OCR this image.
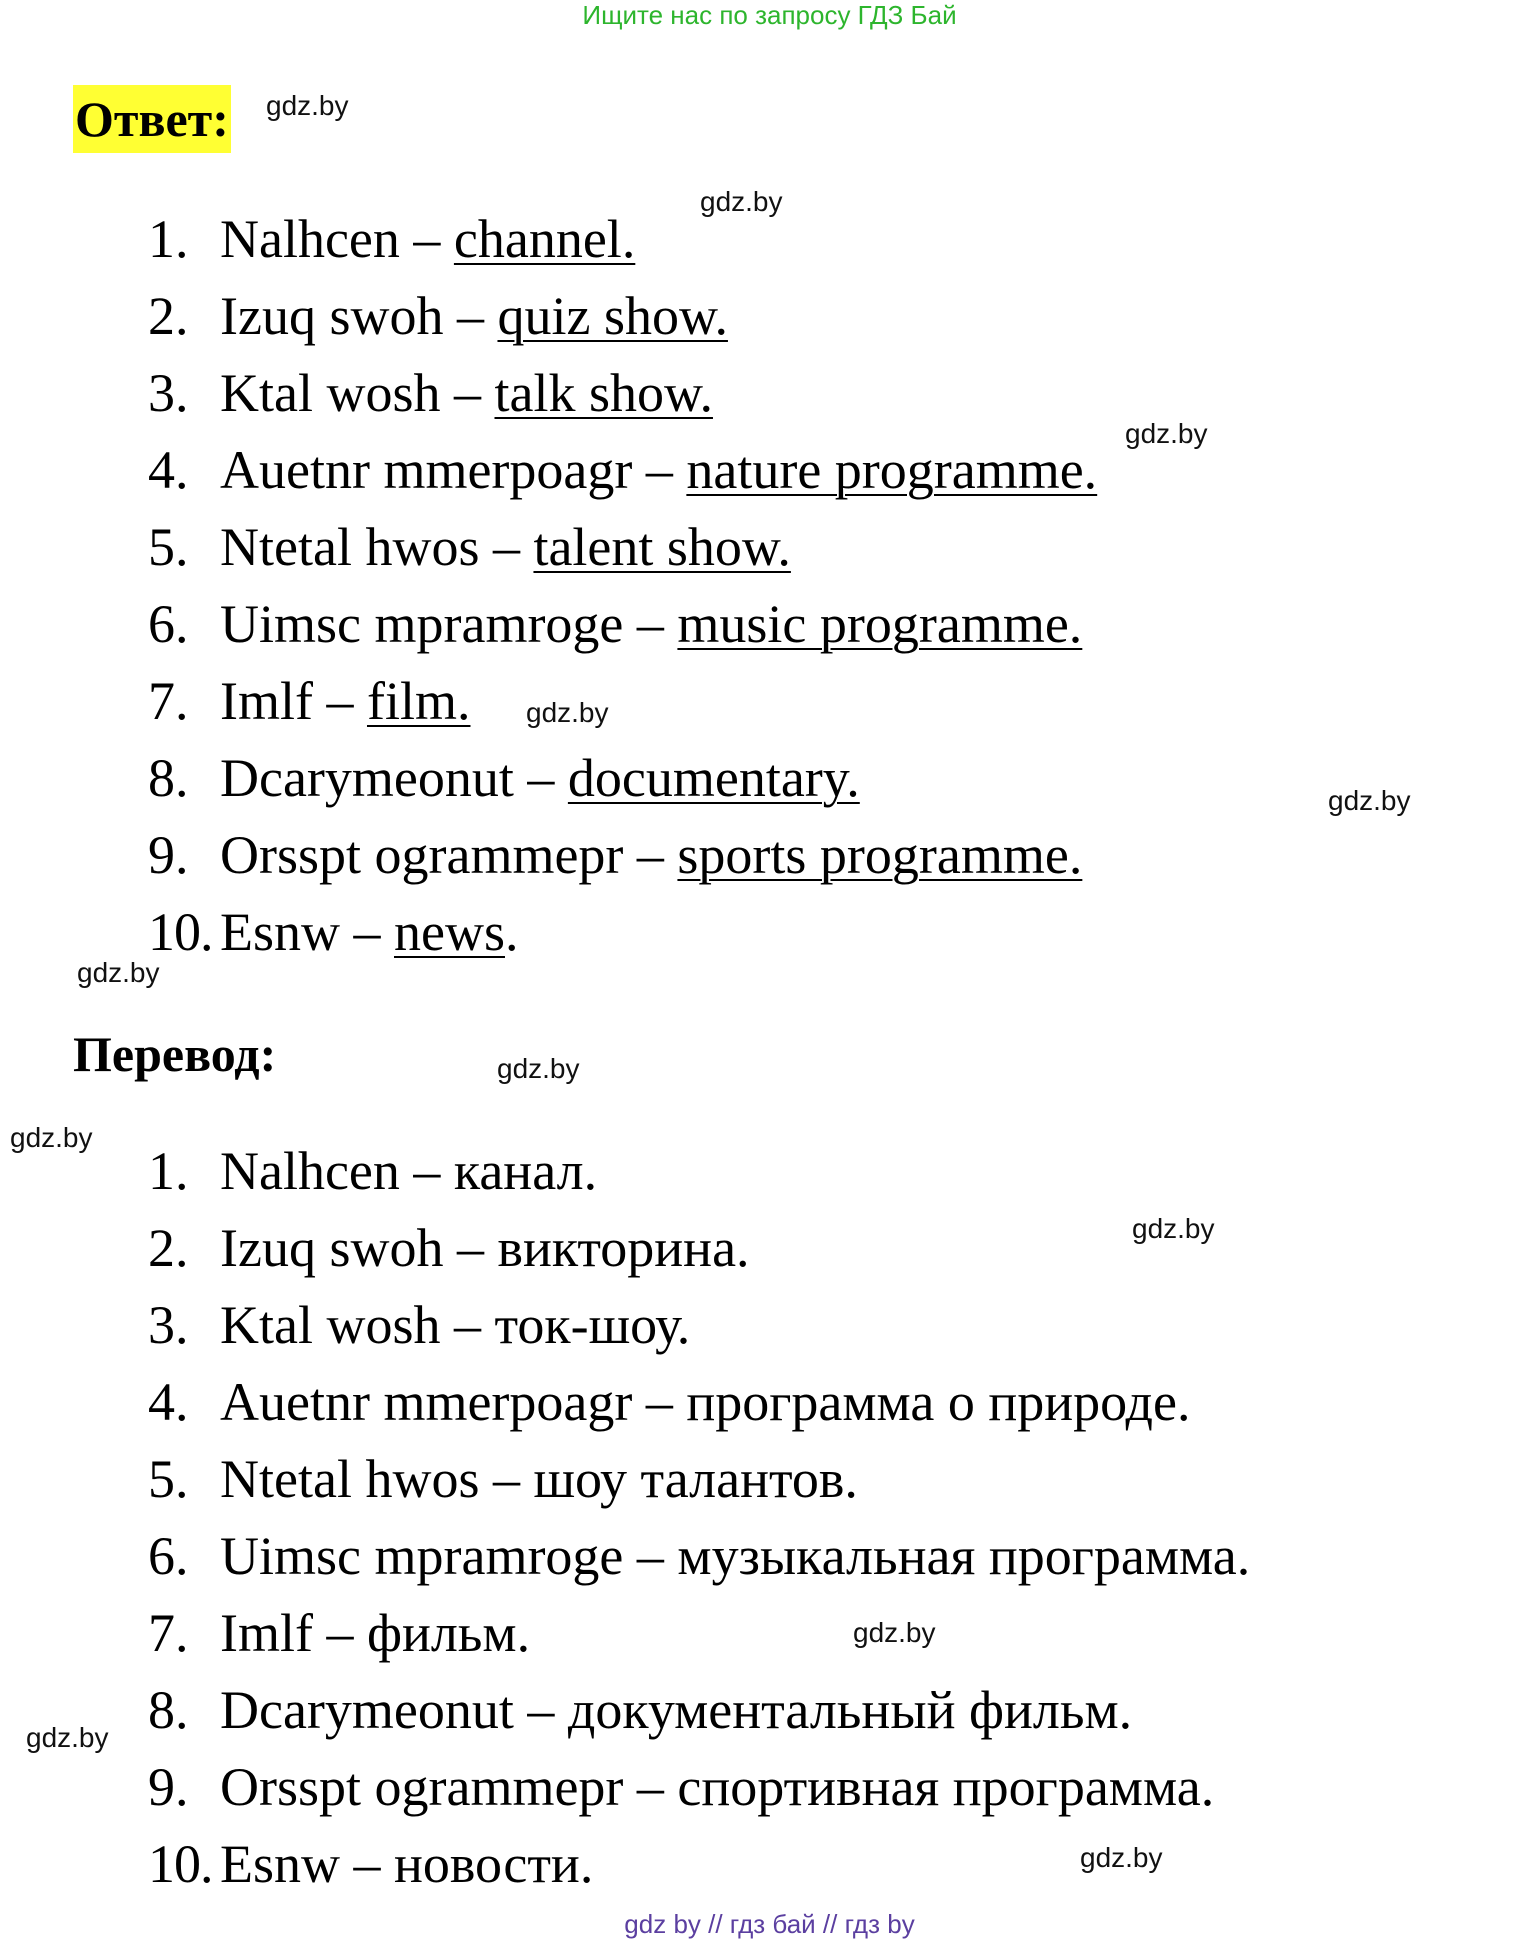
Ищите нас по запросу ГДЗ Бай
Ответ:
1. Nalhcen – channel.
2. Izuq swoh – quiz show.
3. Ktal wosh – talk show.
4. Auetnr mmerpoagr – nature programme.
5. Ntetal hwos – talent show.
6. Uimsc mpramroge – music programme.
7. Imlf – film.
8. Dcarymeonut – documentary.
9. Orsspt ogrammepr – sports programme.
10. Esnw – news.
Перевод:
1. Nalhcen – канал.
2. Izuq swoh – викторина.
3. Ktal wosh – ток-шоу.
4. Auetnr mmerpoagr – программа о природе.
5. Ntetal hwos – шоу талантов.
6. Uimsc mpramroge – музыкальная программа.
7. Imlf – фильм.
8. Dcarymeonut – документальный фильм.
9. Orsspt ogrammepr – спортивная программа.
10. Esnw – новости.
gdz.by
gdz.by
gdz.by
gdz.by
gdz.by
gdz.by
gdz.by
gdz.by
gdz.by
gdz.by
gdz.by
gdz.by
gdz by // гдз бай // гдз by
